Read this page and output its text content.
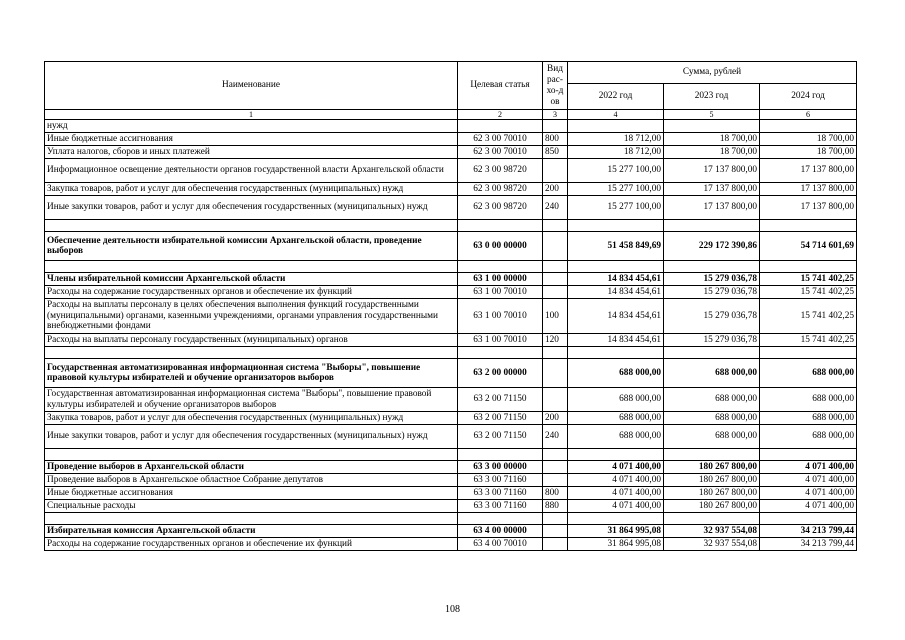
Наименование	Целевая статья	Вид рас-хо-дов	Сумма, рублей		
			2022 год	2023 год	2024 год
1	2	3	4	5	6
нужд					
Иные бюджетные ассигнования	62 3 00 70010	800	18 712,00	18 700,00	18 700,00
Уплата налогов, сборов и иных платежей	62 3 00 70010	850	18 712,00	18 700,00	18 700,00
Информационное освещение деятельности органов государственной власти Архангельской области	62 3 00 98720		15 277 100,00	17 137 800,00	17 137 800,00
Закупка товаров, работ и услуг для обеспечения государственных (муниципальных) нужд	62 3 00 98720	200	15 277 100,00	17 137 800,00	17 137 800,00
Иные закупки товаров, работ и услуг для обеспечения государственных (муниципальных) нужд	62 3 00 98720	240	15 277 100,00	17 137 800,00	17 137 800,00

Обеспечение деятельности избирательной комиссии Архангельской области, проведение выборов	63 0 00 00000		51 458 849,69	229 172 390,86	54 714 601,69

Члены избирательной комиссии Архангельской области	63 1 00 00000		14 834 454,61	15 279 036,78	15 741 402,25
Расходы на содержание государственных органов и обеспечение их функций	63 1 00 70010		14 834 454,61	15 279 036,78	15 741 402,25
Расходы на выплаты персоналу в целях обеспечения выполнения функций государственными (муниципальными) органами, казенными учреждениями, органами управления государственными внебюджетными фондами	63 1 00 70010	100	14 834 454,61	15 279 036,78	15 741 402,25
Расходы на выплаты персоналу государственных (муниципальных) органов	63 1 00 70010	120	14 834 454,61	15 279 036,78	15 741 402,25

Государственная автоматизированная информационная система "Выборы", повышение правовой культуры избирателей и обучение организаторов выборов	63 2 00 00000		688 000,00	688 000,00	688 000,00
Государственная автоматизированная информационная система "Выборы", повышение правовой культуры избирателей и обучение организаторов выборов	63 2 00 71150		688 000,00	688 000,00	688 000,00
Закупка товаров, работ и услуг для обеспечения государственных (муниципальных) нужд	63 2 00 71150	200	688 000,00	688 000,00	688 000,00
Иные закупки товаров, работ и услуг для обеспечения государственных (муниципальных) нужд	63 2 00 71150	240	688 000,00	688 000,00	688 000,00

Проведение выборов в Архангельской области	63 3 00 00000		4 071 400,00	180 267 800,00	4 071 400,00
Проведение выборов в Архангельское областное Собрание депутатов	63 3 00 71160		4 071 400,00	180 267 800,00	4 071 400,00
Иные бюджетные ассигнования	63 3 00 71160	800	4 071 400,00	180 267 800,00	4 071 400,00
Специальные расходы	63 3 00 71160	880	4 071 400,00	180 267 800,00	4 071 400,00

Избирательная комиссия Архангельской области	63 4 00 00000		31 864 995,08	32 937 554,08	34 213 799,44
Расходы на содержание государственных органов и обеспечение их функций	63 4 00 70010		31 864 995,08	32 937 554,08	34 213 799,44
108
